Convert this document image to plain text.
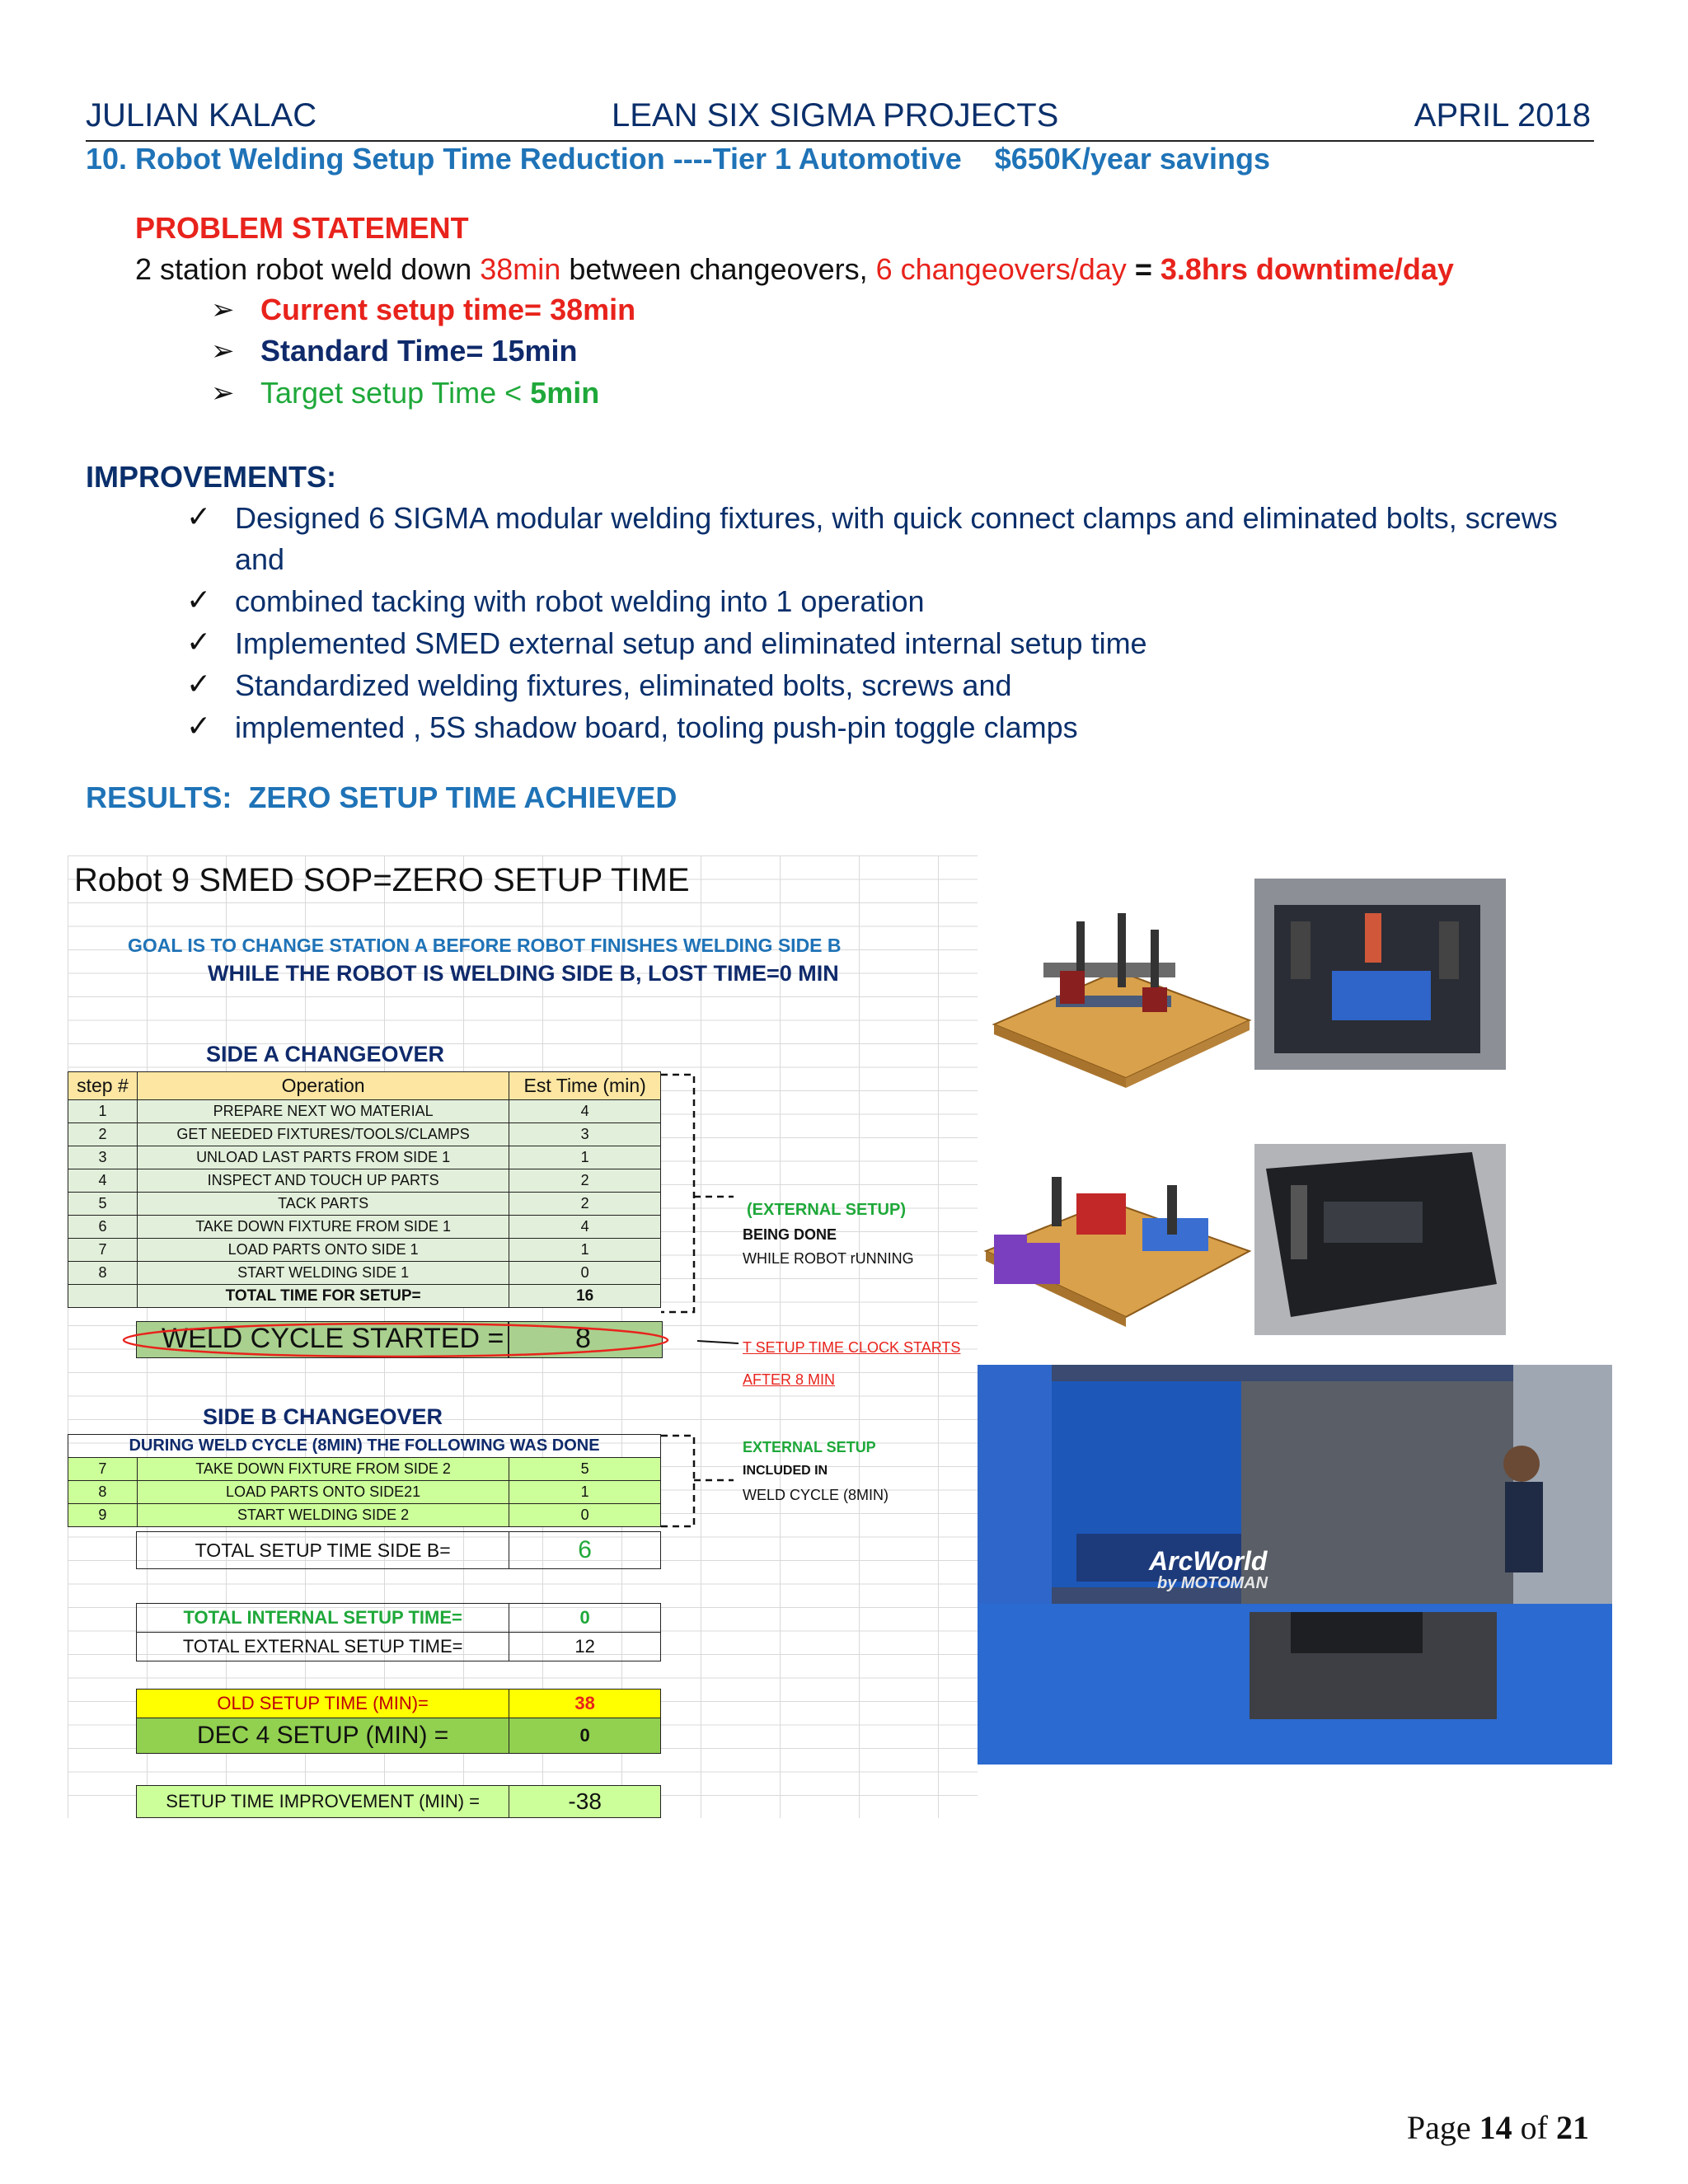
JULIAN KALAC	LEAN SIX SIGMA PROJECTS	APRIL 2018
10. Robot Welding Setup Time Reduction ----Tier 1 Automotive    $650K/year savings
PROBLEM STATEMENT
2 station robot weld down 38min between changeovers, 6 changeovers/day = 3.8hrs downtime/day
➢ Current setup time= 38min
➢ Standard Time= 15min
➢ Target setup Time < 5min
IMPROVEMENTS:
✓ Designed 6 SIGMA modular welding fixtures, with quick connect clamps and eliminated bolts, screws
and
✓ combined tacking with robot welding into 1 operation
✓ Implemented SMED external setup and eliminated internal setup time
✓ Standardized welding fixtures, eliminated bolts, screws and
✓ implemented , 5S shadow board, tooling push-pin toggle clamps
RESULTS:  ZERO SETUP TIME ACHIEVED
Robot 9 SMED SOP=ZERO SETUP TIME
GOAL IS TO CHANGE STATION A BEFORE ROBOT FINISHES WELDING SIDE B
WHILE THE ROBOT IS WELDING SIDE B, LOST TIME=0 MIN
SIDE A CHANGEOVER
step #	Operation	Est Time (min)
1	PREPARE NEXT WO MATERIAL	4
2	GET NEEDED FIXTURES/TOOLS/CLAMPS	3
3	UNLOAD LAST PARTS FROM SIDE 1	1
4	INSPECT AND TOUCH UP PARTS	2
5	TACK PARTS	2
6	TAKE DOWN FIXTURE FROM SIDE 1	4
7	LOAD PARTS ONTO SIDE 1	1
8	START WELDING SIDE 1	0
	TOTAL TIME FOR SETUP=	16
WELD CYCLE STARTED =	8
(EXTERNAL SETUP)
BEING DONE
WHILE ROBOT rUNNING
T SETUP TIME CLOCK STARTS
AFTER 8 MIN
SIDE B CHANGEOVER
DURING WELD CYCLE (8MIN) THE FOLLOWING WAS DONE		
7	TAKE DOWN FIXTURE FROM SIDE 2	5
8	LOAD PARTS ONTO SIDE21	1
9	START WELDING SIDE 2	0
EXTERNAL SETUP
INCLUDED IN
WELD CYCLE (8MIN)
TOTAL SETUP TIME SIDE B=	6
TOTAL INTERNAL SETUP TIME=	0
TOTAL EXTERNAL SETUP TIME=	12
OLD SETUP TIME (MIN)=	38
DEC 4 SETUP (MIN) =	0
SETUP TIME IMPROVEMENT (MIN) =	-38
ArcWorld
by MOTOMAN
Page 14 of 21
